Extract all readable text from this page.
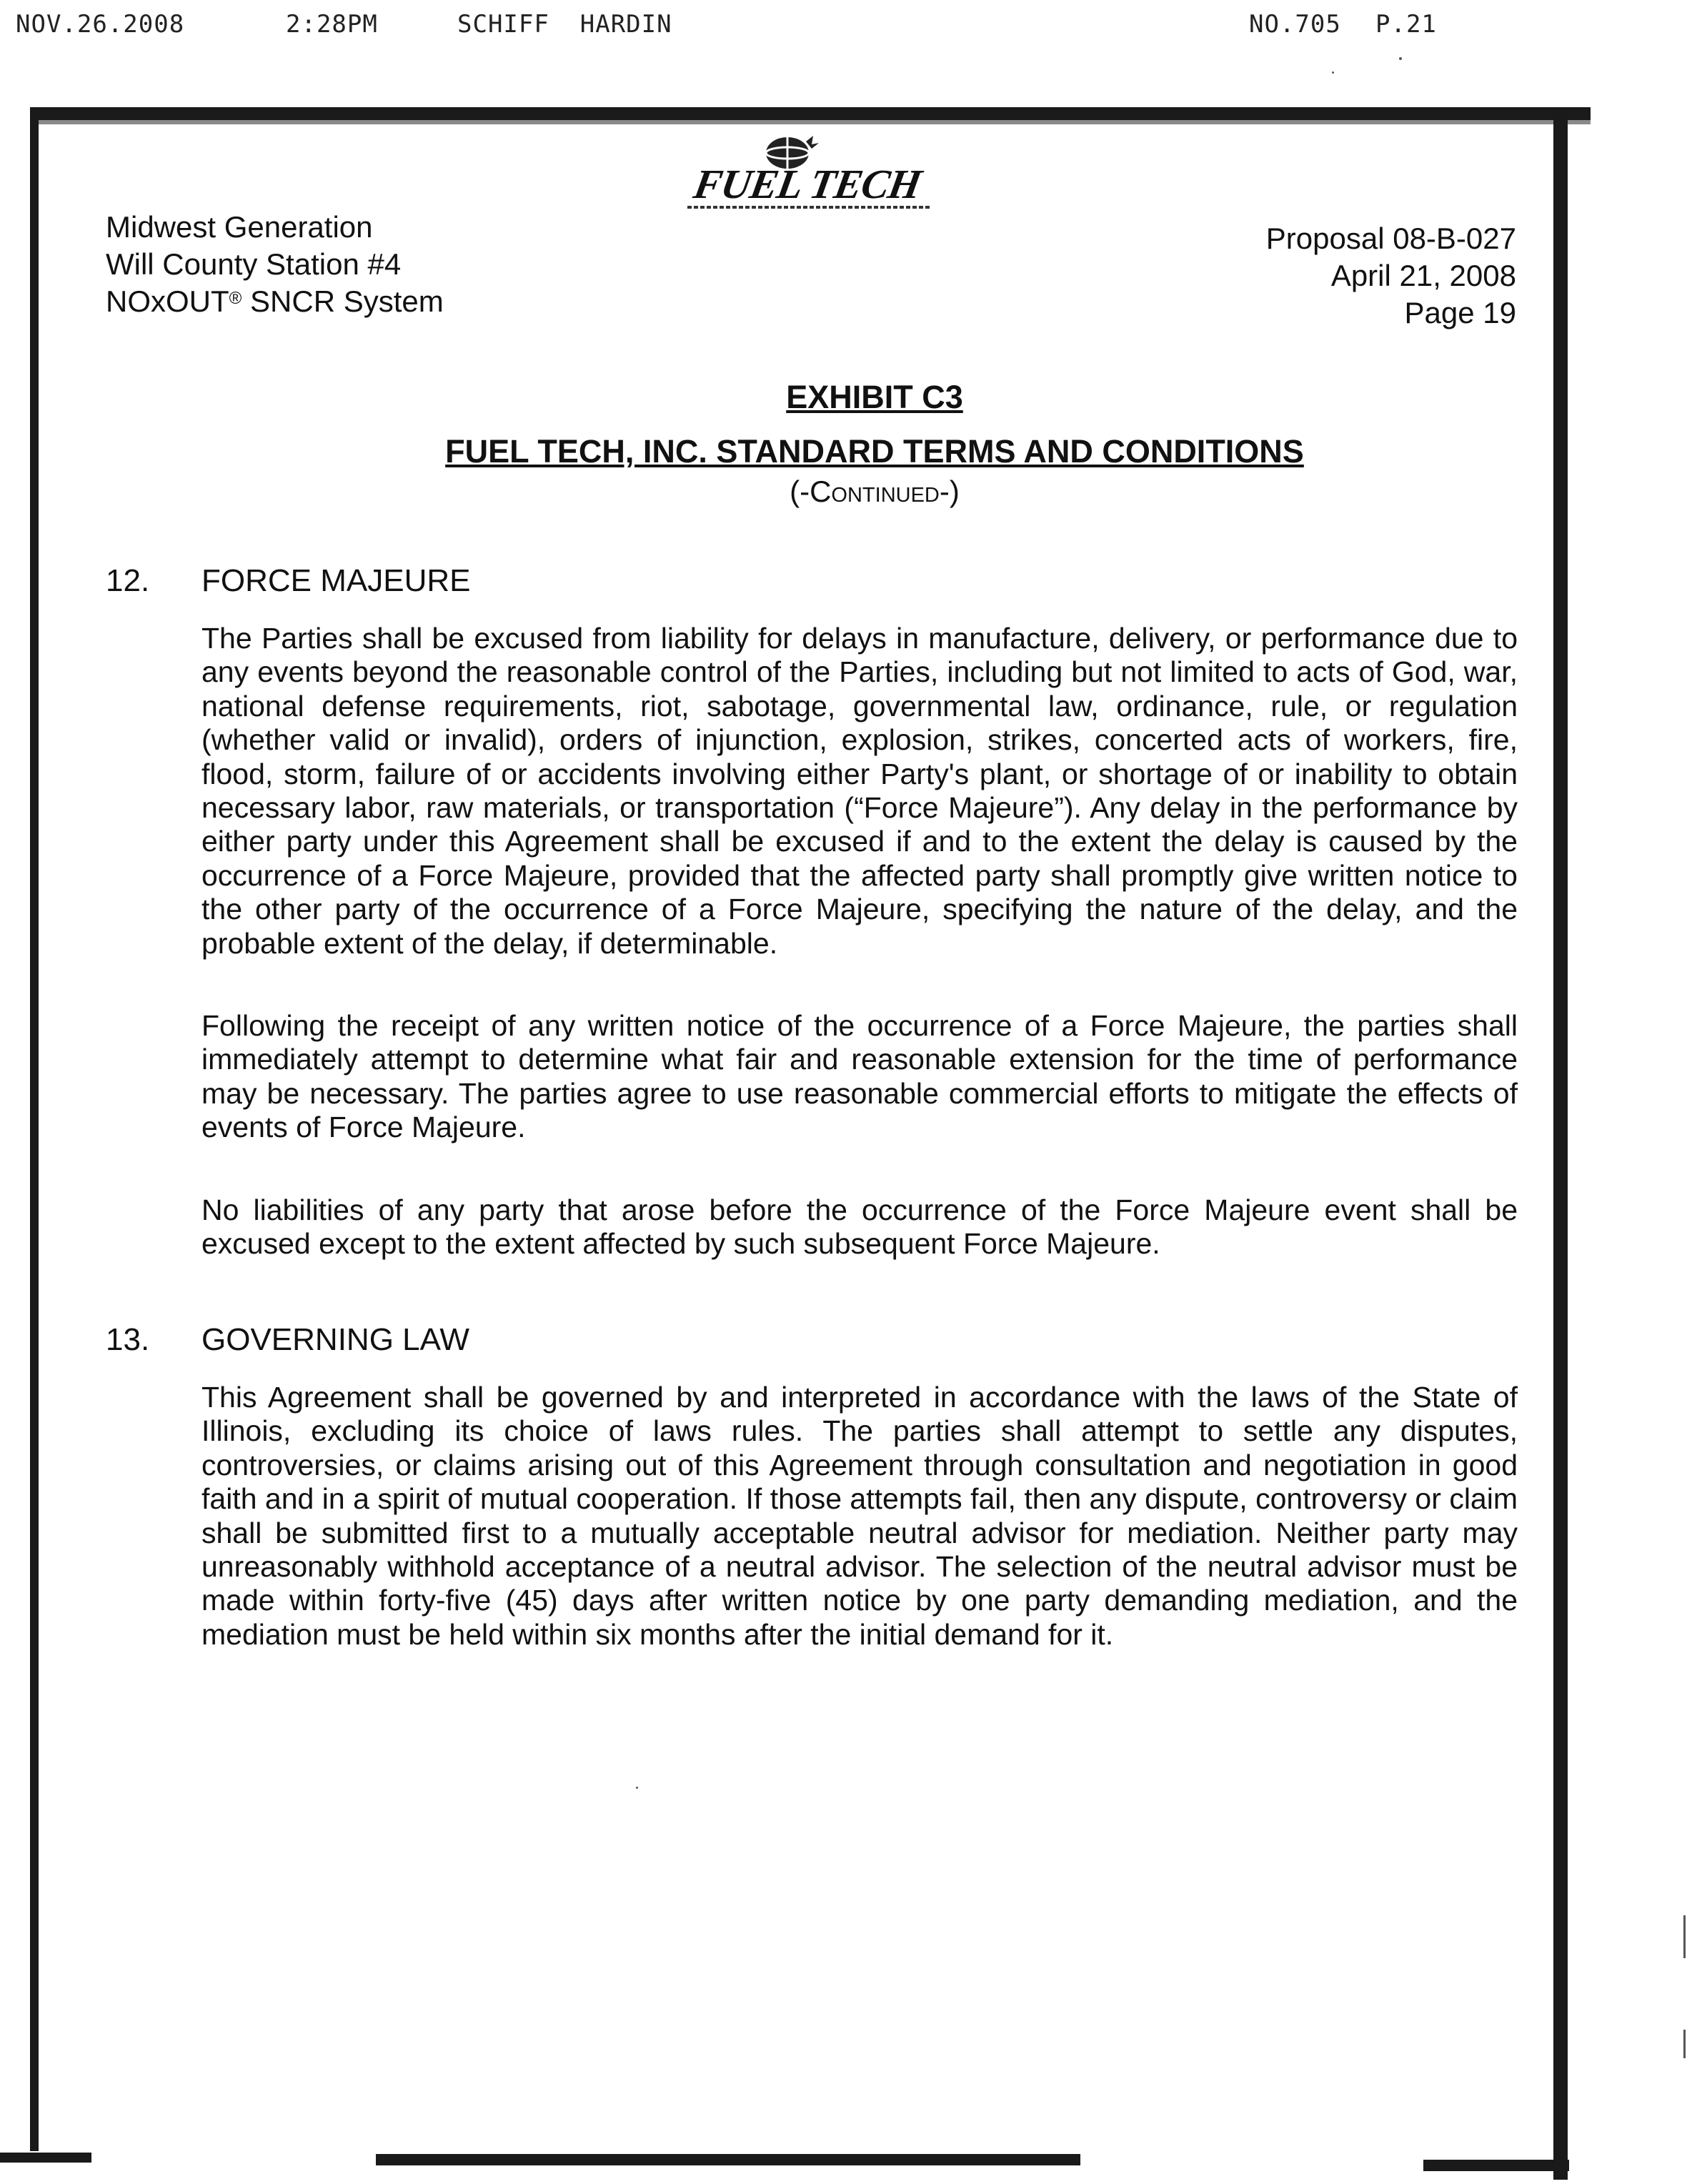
NOV.26.2008	2:28PM	SCHIFF  HARDIN	NO.705 P.21
FUEL TECH
Midwest Generation
Will County Station #4
NOxOUT® SNCR System
Proposal 08-B-027
April 21, 2008
Page 19
EXHIBIT C3
FUEL TECH, INC. STANDARD TERMS AND CONDITIONS
(-Continued-)
12. FORCE MAJEURE
The Parties shall be excused from liability for delays in manufacture, delivery, or performance due to any events beyond the reasonable control of the Parties, including but not limited to acts of God, war, national defense requirements, riot, sabotage, governmental law, ordinance, rule, or regulation (whether valid or invalid), orders of injunction, explosion, strikes, concerted acts of workers, fire, flood, storm, failure of or accidents involving either Party's plant, or shortage of or inability to obtain necessary labor, raw materials, or transportation (“Force Majeure”). Any delay in the performance by either party under this Agreement shall be excused if and to the extent the delay is caused by the occurrence of a Force Majeure, provided that the affected party shall promptly give written notice to the other party of the occurrence of a Force Majeure, specifying the nature of the delay, and the probable extent of the delay, if determinable.
Following the receipt of any written notice of the occurrence of a Force Majeure, the parties shall immediately attempt to determine what fair and reasonable extension for the time of performance may be necessary. The parties agree to use reasonable commercial efforts to mitigate the effects of events of Force Majeure.
No liabilities of any party that arose before the occurrence of the Force Majeure event shall be excused except to the extent affected by such subsequent Force Majeure.
13. GOVERNING LAW
This Agreement shall be governed by and interpreted in accordance with the laws of the State of Illinois, excluding its choice of laws rules. The parties shall attempt to settle any disputes, controversies, or claims arising out of this Agreement through consultation and negotiation in good faith and in a spirit of mutual cooperation. If those attempts fail, then any dispute, controversy or claim shall be submitted first to a mutually acceptable neutral advisor for mediation. Neither party may unreasonably withhold acceptance of a neutral advisor. The selection of the neutral advisor must be made within forty-five (45) days after written notice by one party demanding mediation, and the mediation must be held within six months after the initial demand for it.
